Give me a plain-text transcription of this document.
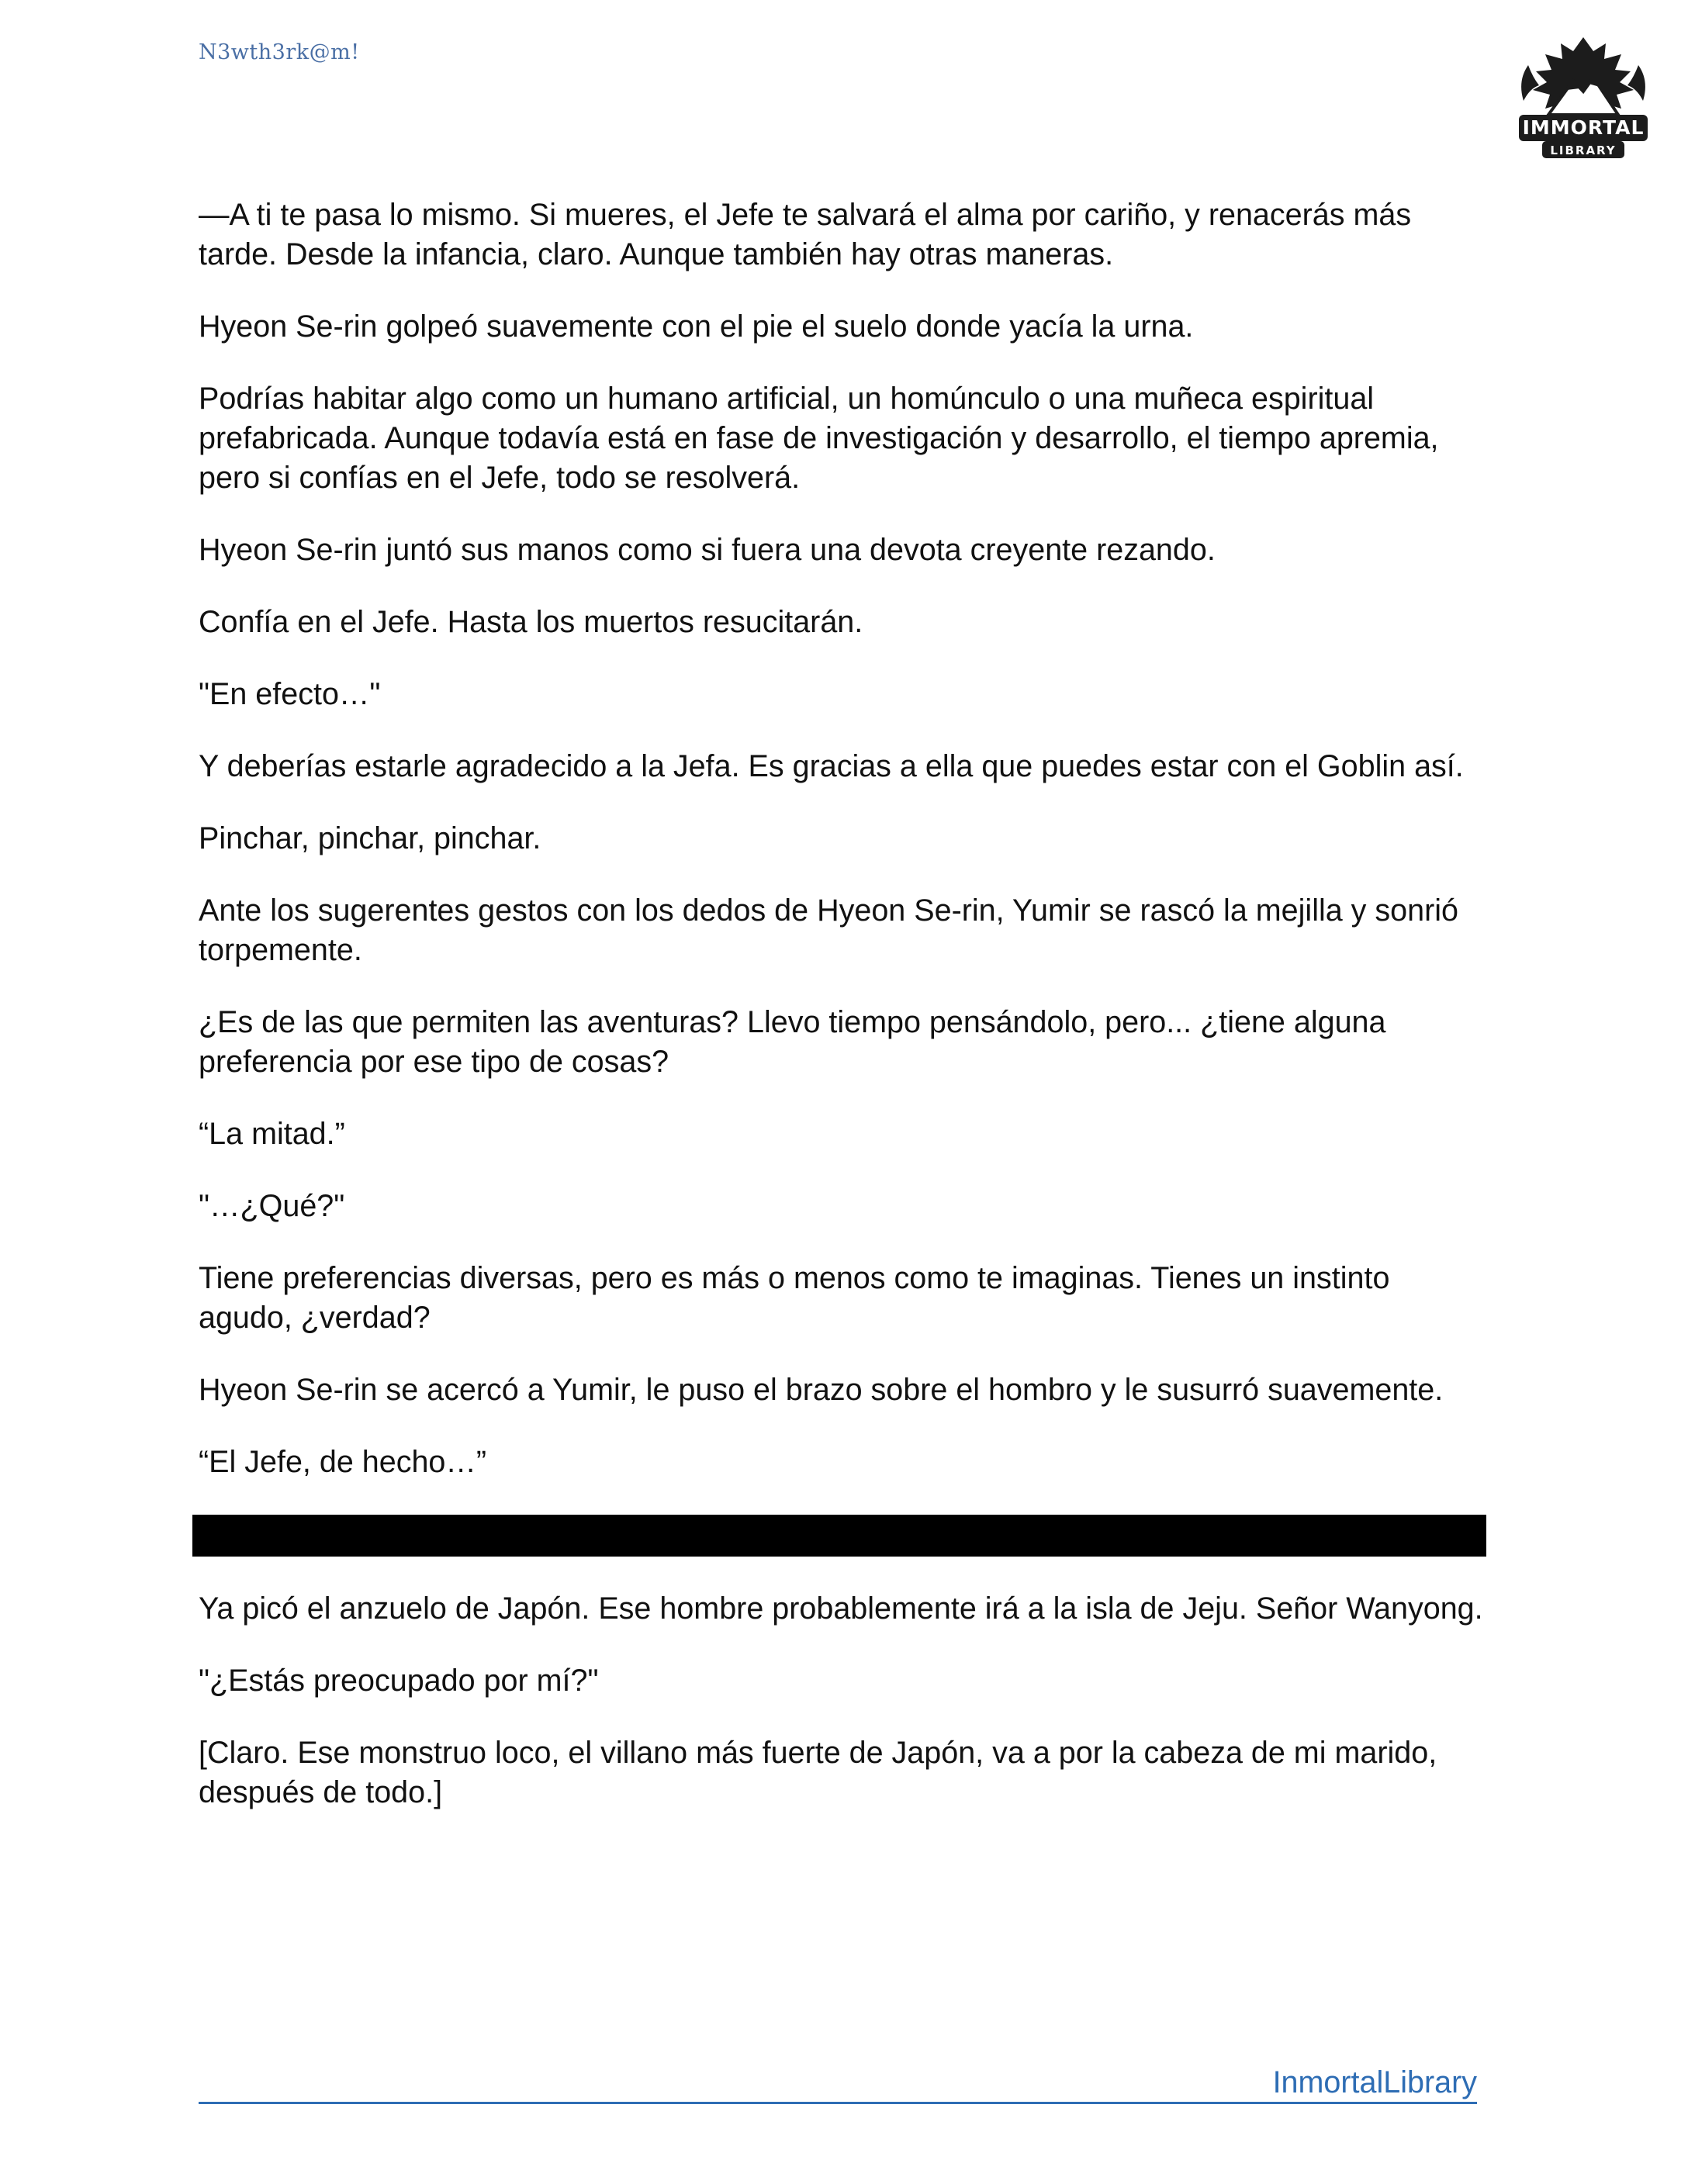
N3wth3rk@m!
IMMORTAL
LIBRARY

—A ti te pasa lo mismo. Si mueres, el Jefe te salvará el alma por cariño, y renacerás más tarde. Desde la infancia, claro. Aunque también hay otras maneras.

Hyeon Se-rin golpeó suavemente con el pie el suelo donde yacía la urna.

Podrías habitar algo como un humano artificial, un homúnculo o una muñeca espiritual prefabricada. Aunque todavía está en fase de investigación y desarrollo, el tiempo apremia, pero si confías en el Jefe, todo se resolverá.

Hyeon Se-rin juntó sus manos como si fuera una devota creyente rezando.

Confía en el Jefe. Hasta los muertos resucitarán.

"En efecto…"

Y deberías estarle agradecido a la Jefa. Es gracias a ella que puedes estar con el Goblin así.

Pinchar, pinchar, pinchar.

Ante los sugerentes gestos con los dedos de Hyeon Se-rin, Yumir se rascó la mejilla y sonrió torpemente.

¿Es de las que permiten las aventuras? Llevo tiempo pensándolo, pero... ¿tiene alguna preferencia por ese tipo de cosas?

“La mitad.”

"…¿Qué?"

Tiene preferencias diversas, pero es más o menos como te imaginas. Tienes un instinto agudo, ¿verdad?

Hyeon Se-rin se acercó a Yumir, le puso el brazo sobre el hombro y le susurró suavemente.

“El Jefe, de hecho…”

Ya picó el anzuelo de Japón. Ese hombre probablemente irá a la isla de Jeju. Señor Wanyong.

"¿Estás preocupado por mí?"

[Claro. Ese monstruo loco, el villano más fuerte de Japón, va a por la cabeza de mi marido, después de todo.]

InmortalLibrary
